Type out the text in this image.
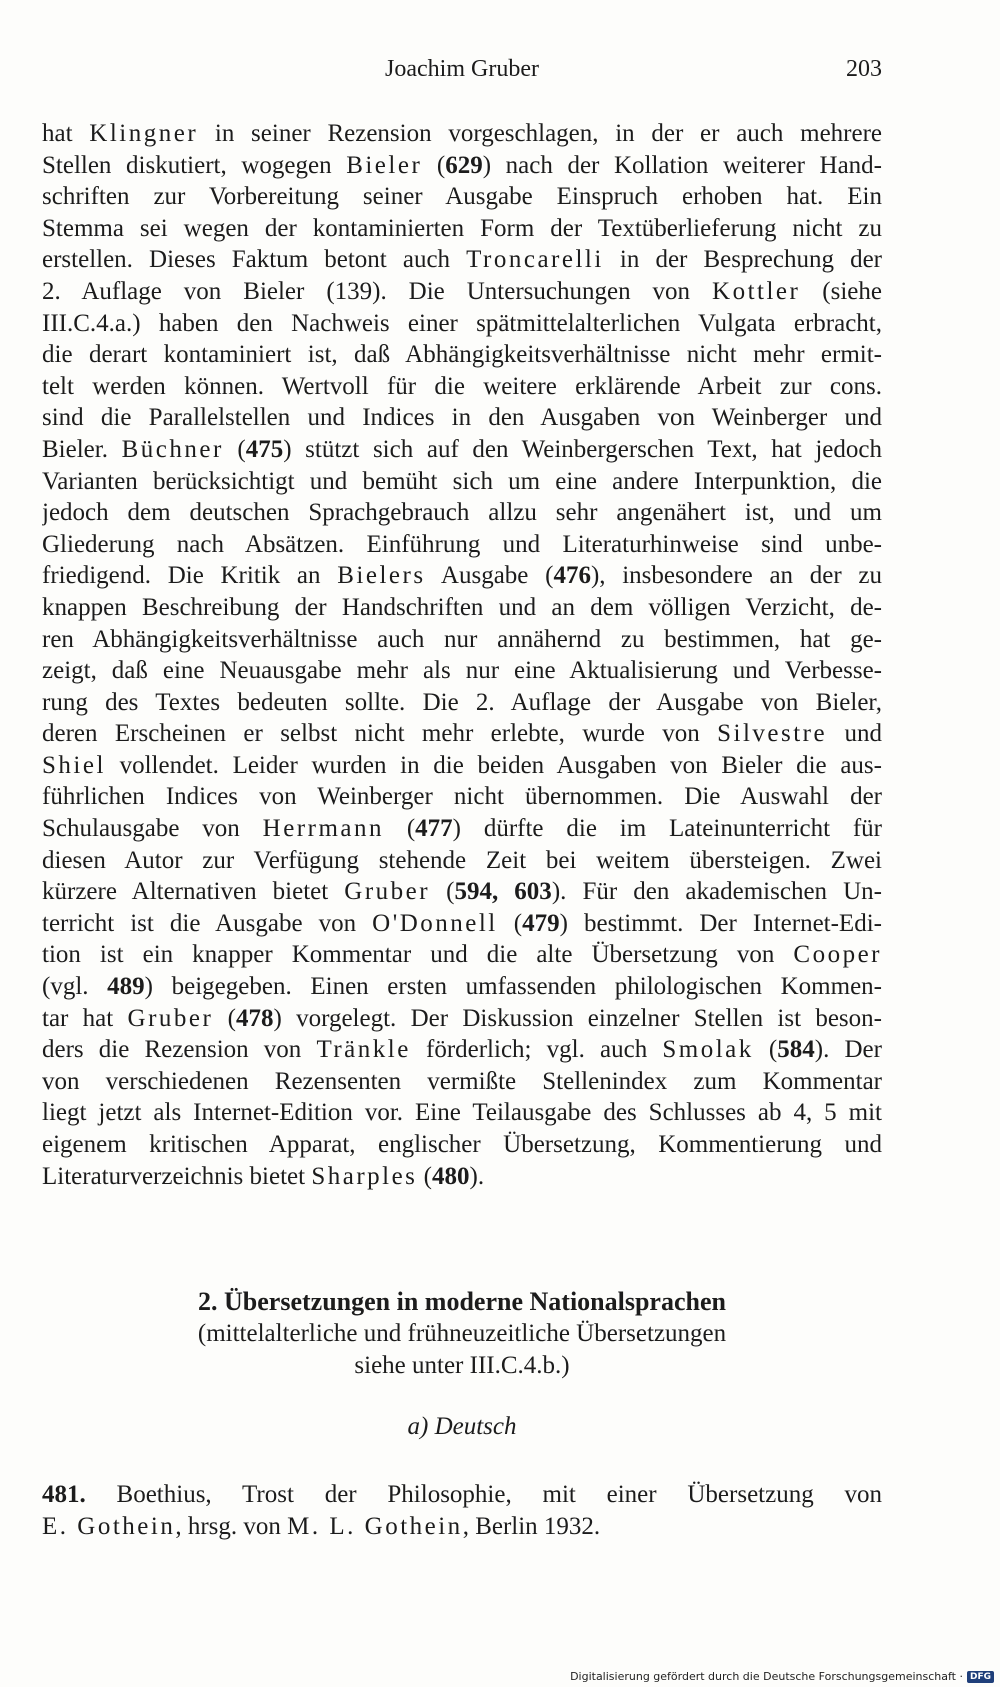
Joachim Gruber	203
hat Klingner in seiner Rezension vorgeschlagen, in der er auch mehrere
Stellen diskutiert, wogegen Bieler (629) nach der Kollation weiterer Hand-
schriften zur Vorbereitung seiner Ausgabe Einspruch erhoben hat. Ein
Stemma sei wegen der kontaminierten Form der Textüberlieferung nicht zu
erstellen. Dieses Faktum betont auch Troncarelli in der Besprechung der
2. Auflage von Bieler (139). Die Untersuchungen von Kottler (siehe
III.C.4.a.) haben den Nachweis einer spätmittelalterlichen Vulgata erbracht,
die derart kontaminiert ist, daß Abhängigkeitsverhältnisse nicht mehr ermit-
telt werden können. Wertvoll für die weitere erklärende Arbeit zur cons.
sind die Parallelstellen und Indices in den Ausgaben von Weinberger und
Bieler. Büchner (475) stützt sich auf den Weinbergerschen Text, hat jedoch
Varianten berücksichtigt und bemüht sich um eine andere Interpunktion, die
jedoch dem deutschen Sprachgebrauch allzu sehr angenähert ist, und um
Gliederung nach Absätzen. Einführung und Literaturhinweise sind unbe-
friedigend. Die Kritik an Bielers Ausgabe (476), insbesondere an der zu
knappen Beschreibung der Handschriften und an dem völligen Verzicht, de-
ren Abhängigkeitsverhältnisse auch nur annähernd zu bestimmen, hat ge-
zeigt, daß eine Neuausgabe mehr als nur eine Aktualisierung und Verbesse-
rung des Textes bedeuten sollte. Die 2. Auflage der Ausgabe von Bieler,
deren Erscheinen er selbst nicht mehr erlebte, wurde von Silvestre und
Shiel vollendet. Leider wurden in die beiden Ausgaben von Bieler die aus-
führlichen Indices von Weinberger nicht übernommen. Die Auswahl der
Schulausgabe von Herrmann (477) dürfte die im Lateinunterricht für
diesen Autor zur Verfügung stehende Zeit bei weitem übersteigen. Zwei
kürzere Alternativen bietet Gruber (594, 603). Für den akademischen Un-
terricht ist die Ausgabe von O'Donnell (479) bestimmt. Der Internet-Edi-
tion ist ein knapper Kommentar und die alte Übersetzung von Cooper
(vgl. 489) beigegeben. Einen ersten umfassenden philologischen Kommen-
tar hat Gruber (478) vorgelegt. Der Diskussion einzelner Stellen ist beson-
ders die Rezension von Tränkle förderlich; vgl. auch Smolak (584). Der
von verschiedenen Rezensenten vermißte Stellenindex zum Kommentar
liegt jetzt als Internet-Edition vor. Eine Teilausgabe des Schlusses ab 4, 5 mit
eigenem kritischen Apparat, englischer Übersetzung, Kommentierung und
Literaturverzeichnis bietet Sharples (480).
2. Übersetzungen in moderne Nationalsprachen
(mittelalterliche und frühneuzeitliche Übersetzungen
siehe unter III.C.4.b.)
a) Deutsch
481. Boethius, Trost der Philosophie, mit einer Übersetzung von
E. Gothein, hrsg. von M. L. Gothein, Berlin 1932.
Digitalisierung gefördert durch die Deutsche Forschungsgemeinschaft · DFG
